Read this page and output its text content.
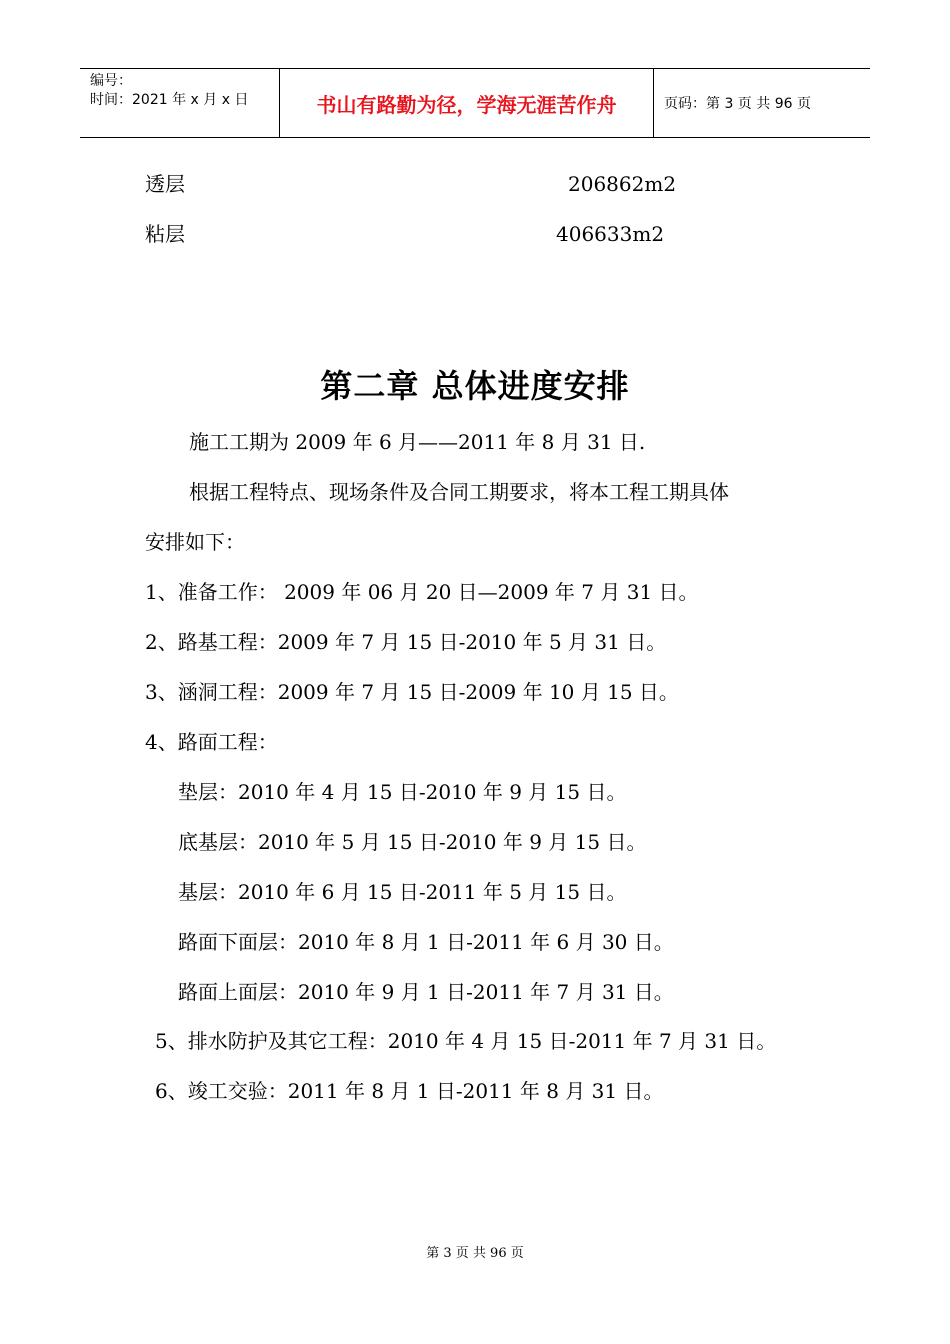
编号：
时间：2021 年 x 月 x 日	书山有路勤为径，学海无涯苦作舟	页码：第 3 页 共 96 页
透层	206862m2
粘层	406633m2
第二章 总体进度安排
施工工期为 2009 年 6 月——2011 年 8 月 31 日.
根据工程特点、现场条件及合同工期要求，将本工程工期具体
安排如下：
1、准备工作： 2009 年 06 月 20 日—2009 年 7 月 31 日。
2、路基工程：2009 年 7 月 15 日-2010 年 5 月 31 日。
3、涵洞工程：2009 年 7 月 15 日-2009 年 10 月 15 日。
4、路面工程：
垫层：2010 年 4 月 15 日-2010 年 9 月 15 日。
底基层：2010 年 5 月 15 日-2010 年 9 月 15 日。
基层：2010 年 6 月 15 日-2011 年 5 月 15 日。
路面下面层：2010 年 8 月 1 日-2011 年 6 月 30 日。
路面上面层：2010 年 9 月 1 日-2011 年 7 月 31 日。
5、排水防护及其它工程：2010 年 4 月 15 日-2011 年 7 月 31 日。
6、竣工交验：2011 年 8 月 1 日-2011 年 8 月 31 日。
第 3 页 共 96 页
